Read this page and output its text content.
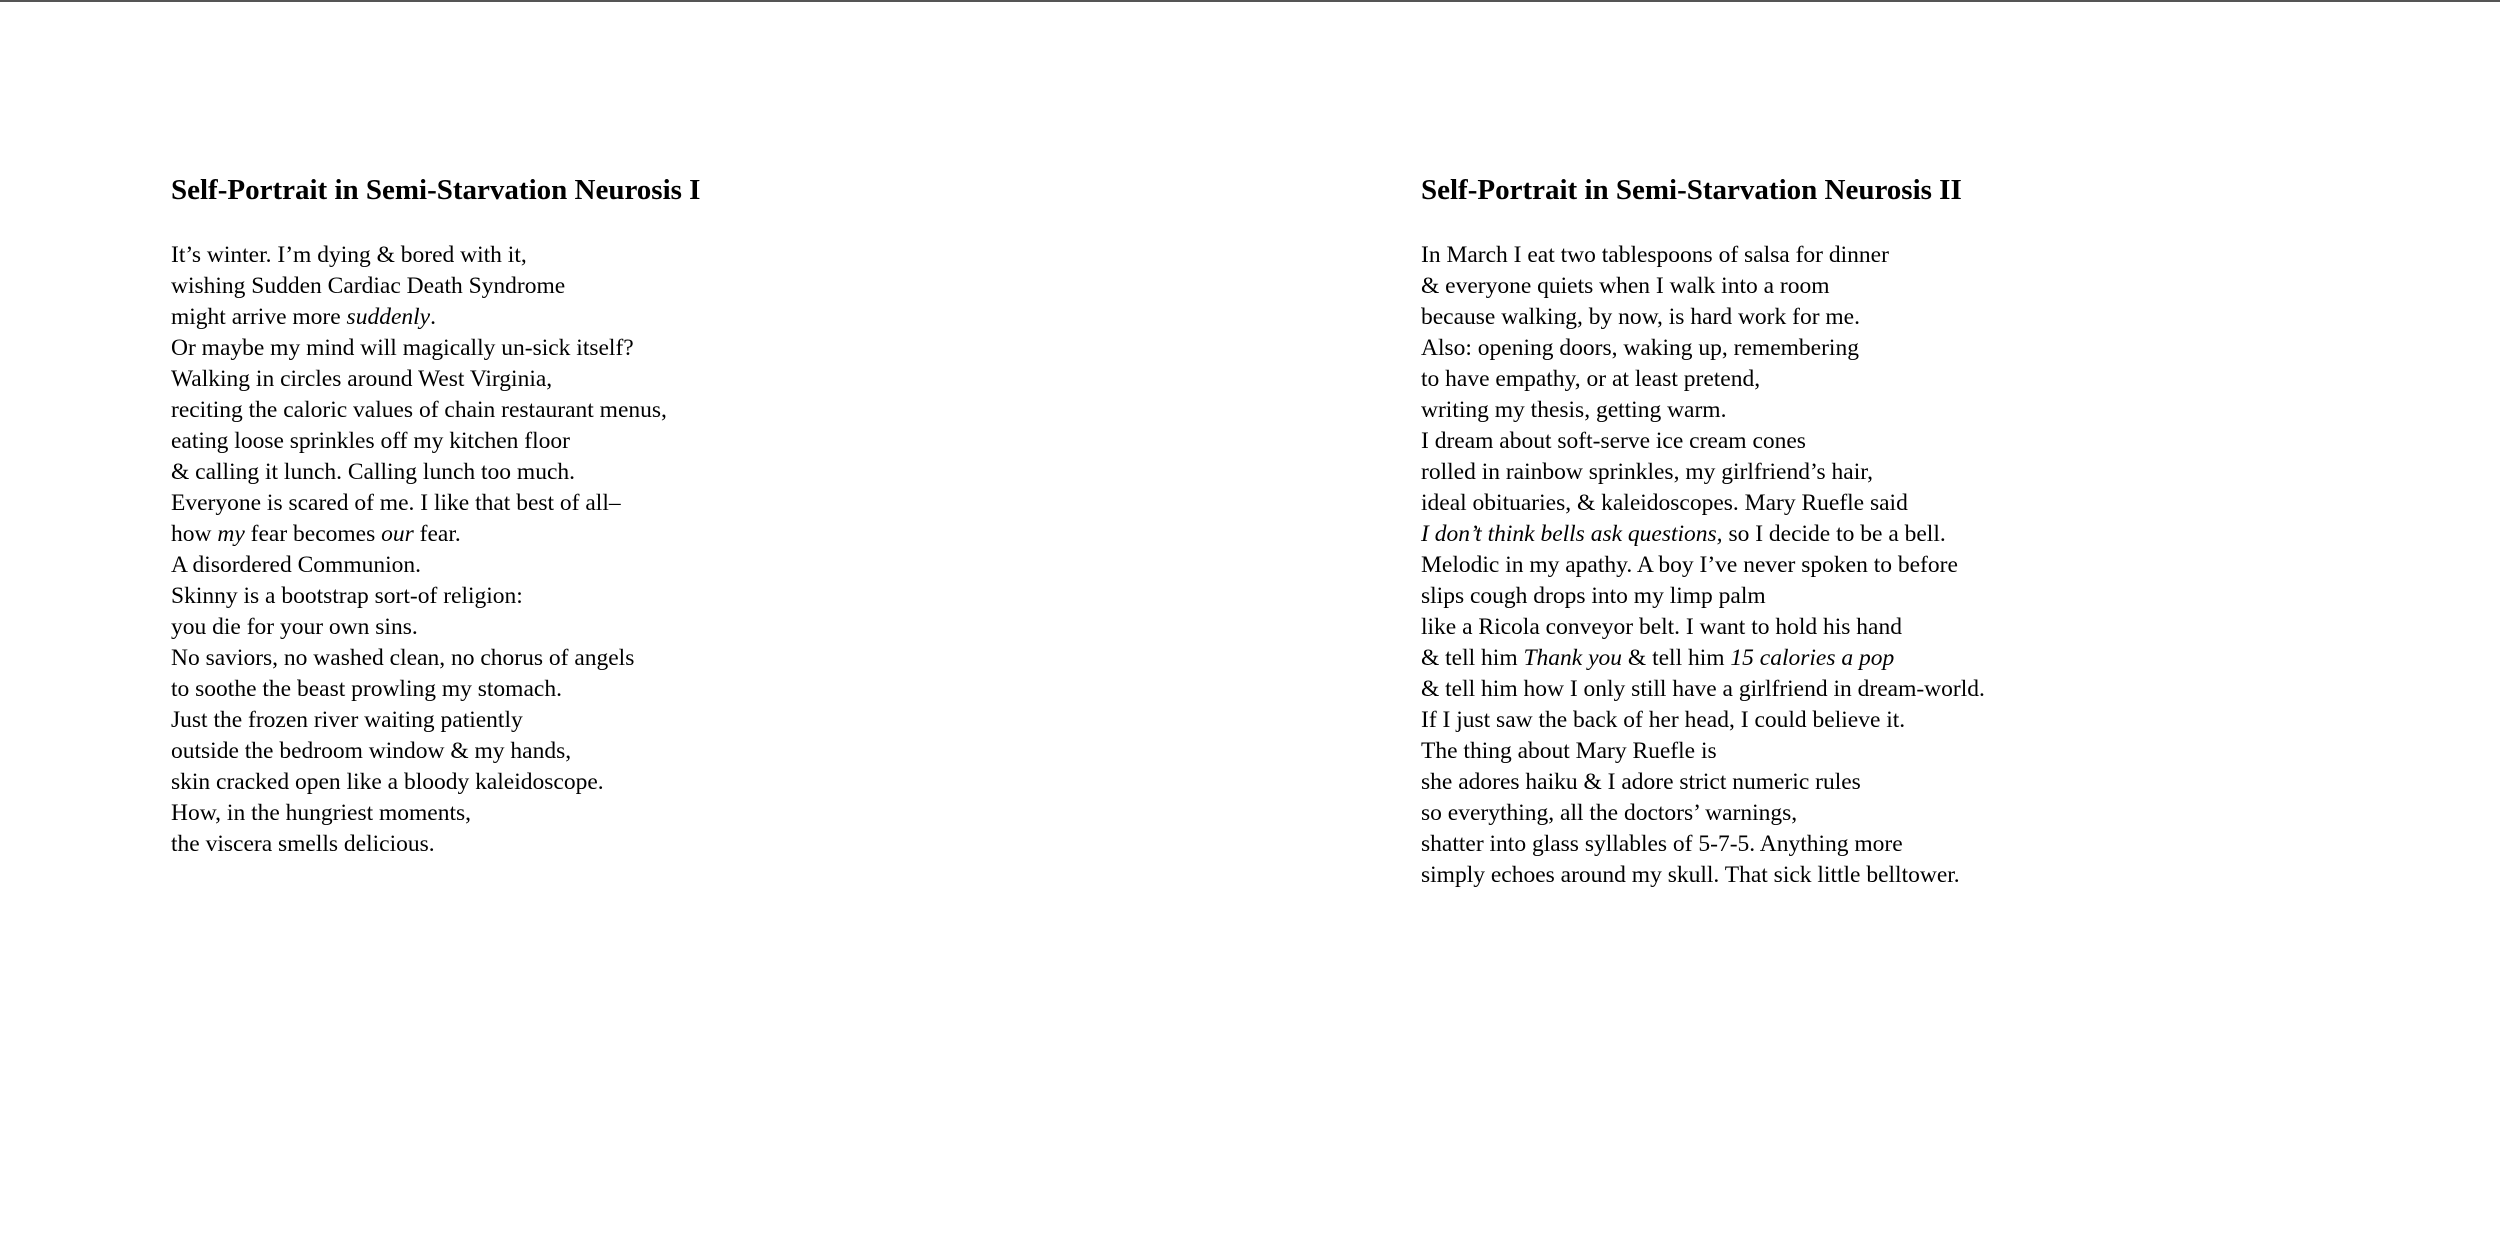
Self-Portrait in Semi-Starvation Neurosis I
It’s winter. I’m dying & bored with it,
wishing Sudden Cardiac Death Syndrome
might arrive more suddenly.
Or maybe my mind will magically un-sick itself?
Walking in circles around West Virginia,
reciting the caloric values of chain restaurant menus,
eating loose sprinkles off my kitchen floor
& calling it lunch. Calling lunch too much.
Everyone is scared of me. I like that best of all–
how my fear becomes our fear.
A disordered Communion.
Skinny is a bootstrap sort-of religion:
you die for your own sins.
No saviors, no washed clean, no chorus of angels
to soothe the beast prowling my stomach.
Just the frozen river waiting patiently
outside the bedroom window & my hands,
skin cracked open like a bloody kaleidoscope.
How, in the hungriest moments,
the viscera smells delicious.
Self-Portrait in Semi-Starvation Neurosis II
In March I eat two tablespoons of salsa for dinner
& everyone quiets when I walk into a room
because walking, by now, is hard work for me.
Also: opening doors, waking up, remembering
to have empathy, or at least pretend,
writing my thesis, getting warm.
I dream about soft-serve ice cream cones
rolled in rainbow sprinkles, my girlfriend’s hair,
ideal obituaries, & kaleidoscopes. Mary Ruefle said
I don’t think bells ask questions, so I decide to be a bell.
Melodic in my apathy. A boy I’ve never spoken to before
slips cough drops into my limp palm
like a Ricola conveyor belt. I want to hold his hand
& tell him Thank you & tell him 15 calories a pop
& tell him how I only still have a girlfriend in dream-world.
If I just saw the back of her head, I could believe it.
The thing about Mary Ruefle is
she adores haiku & I adore strict numeric rules
so everything, all the doctors’ warnings,
shatter into glass syllables of 5-7-5. Anything more
simply echoes around my skull. That sick little belltower.
